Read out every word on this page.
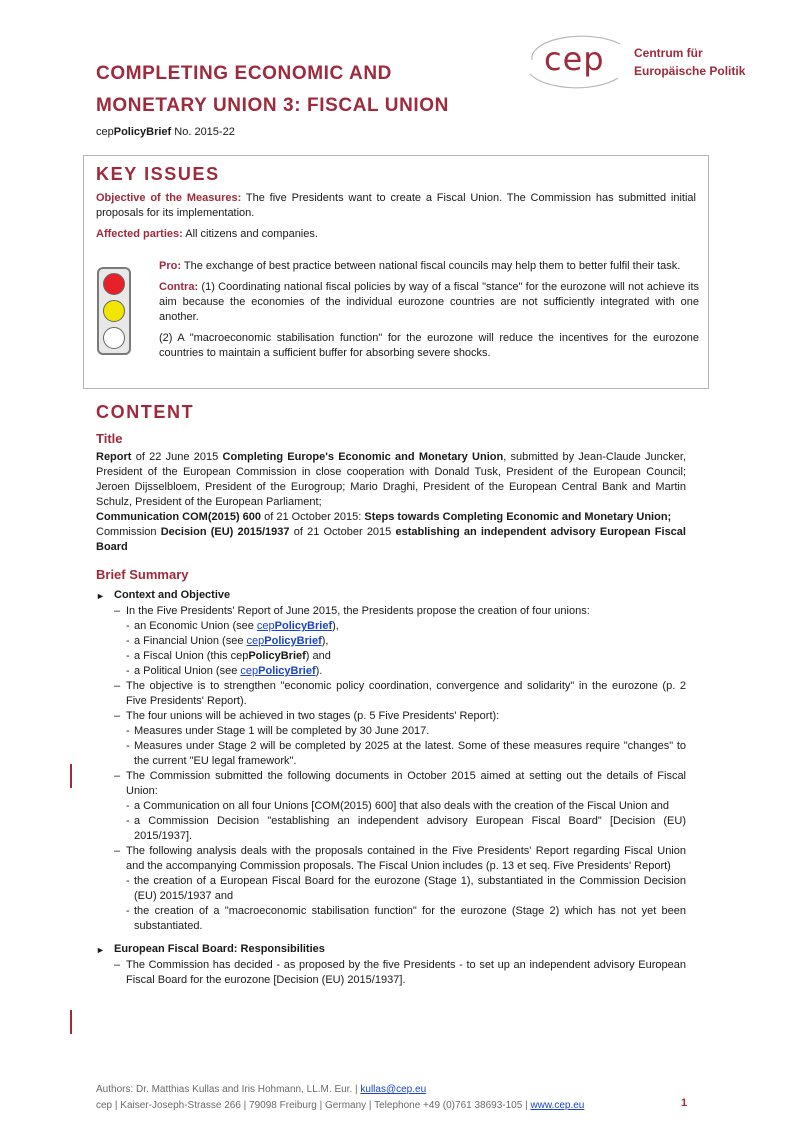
COMPLETING ECONOMIC AND
MONETARY UNION 3: FISCAL UNION
cepPolicyBrief No. 2015-22
cep Centrum für
Europäische Politik
KEY ISSUES
Objective of the Measures: The five Presidents want to create a Fiscal Union. The Commission has submitted initial proposals for its implementation.
Affected parties: All citizens and companies.
Pro: The exchange of best practice between national fiscal councils may help them to better fulfil their task.
Contra: (1) Coordinating national fiscal policies by way of a fiscal "stance" for the eurozone will not achieve its aim because the economies of the individual eurozone countries are not sufficiently integrated with one another.
(2) A "macroeconomic stabilisation function" for the eurozone will reduce the incentives for the eurozone countries to maintain a sufficient buffer for absorbing severe shocks.
CONTENT
Title
Report of 22 June 2015 Completing Europe's Economic and Monetary Union, submitted by Jean-Claude Juncker, President of the European Commission in close cooperation with Donald Tusk, President of the European Council; Jeroen Dijsselbloem, President of the Eurogroup; Mario Draghi, President of the European Central Bank and Martin Schulz, President of the European Parliament;
Communication COM(2015) 600 of 21 October 2015: Steps towards Completing Economic and Monetary Union;
Commission Decision (EU) 2015/1937 of 21 October 2015 establishing an independent advisory European Fiscal Board
Brief Summary
► Context and Objective
– In the Five Presidents' Report of June 2015, the Presidents propose the creation of four unions:
- an Economic Union (see cepPolicyBrief),
- a Financial Union (see cepPolicyBrief),
- a Fiscal Union (this cepPolicyBrief) and
- a Political Union (see cepPolicyBrief).
– The objective is to strengthen "economic policy coordination, convergence and solidarity" in the eurozone (p. 2 Five Presidents' Report).
– The four unions will be achieved in two stages (p. 5 Five Presidents' Report):
- Measures under Stage 1 will be completed by 30 June 2017.
- Measures under Stage 2 will be completed by 2025 at the latest. Some of these measures require "changes" to the current "EU legal framework".
– The Commission submitted the following documents in October 2015 aimed at setting out the details of Fiscal Union:
- a Communication on all four Unions [COM(2015) 600] that also deals with the creation of the Fiscal Union and
- a Commission Decision "establishing an independent advisory European Fiscal Board" [Decision (EU) 2015/1937].
– The following analysis deals with the proposals contained in the Five Presidents' Report regarding Fiscal Union and the accompanying Commission proposals. The Fiscal Union includes (p. 13 et seq. Five Presidents' Report)
- the creation of a European Fiscal Board for the eurozone (Stage 1), substantiated in the Commission Decision (EU) 2015/1937 and
- the creation of a "macroeconomic stabilisation function" for the eurozone (Stage 2) which has not yet been substantiated.
► European Fiscal Board: Responsibilities
– The Commission has decided - as proposed by the five Presidents - to set up an independent advisory European Fiscal Board for the eurozone [Decision (EU) 2015/1937].
Authors: Dr. Matthias Kullas and Iris Hohmann, LL.M. Eur. | kullas@cep.eu
cep | Kaiser-Joseph-Strasse 266 | 79098 Freiburg | Germany | Telephone +49 (0)761 38693-105 | www.cep.eu	1
